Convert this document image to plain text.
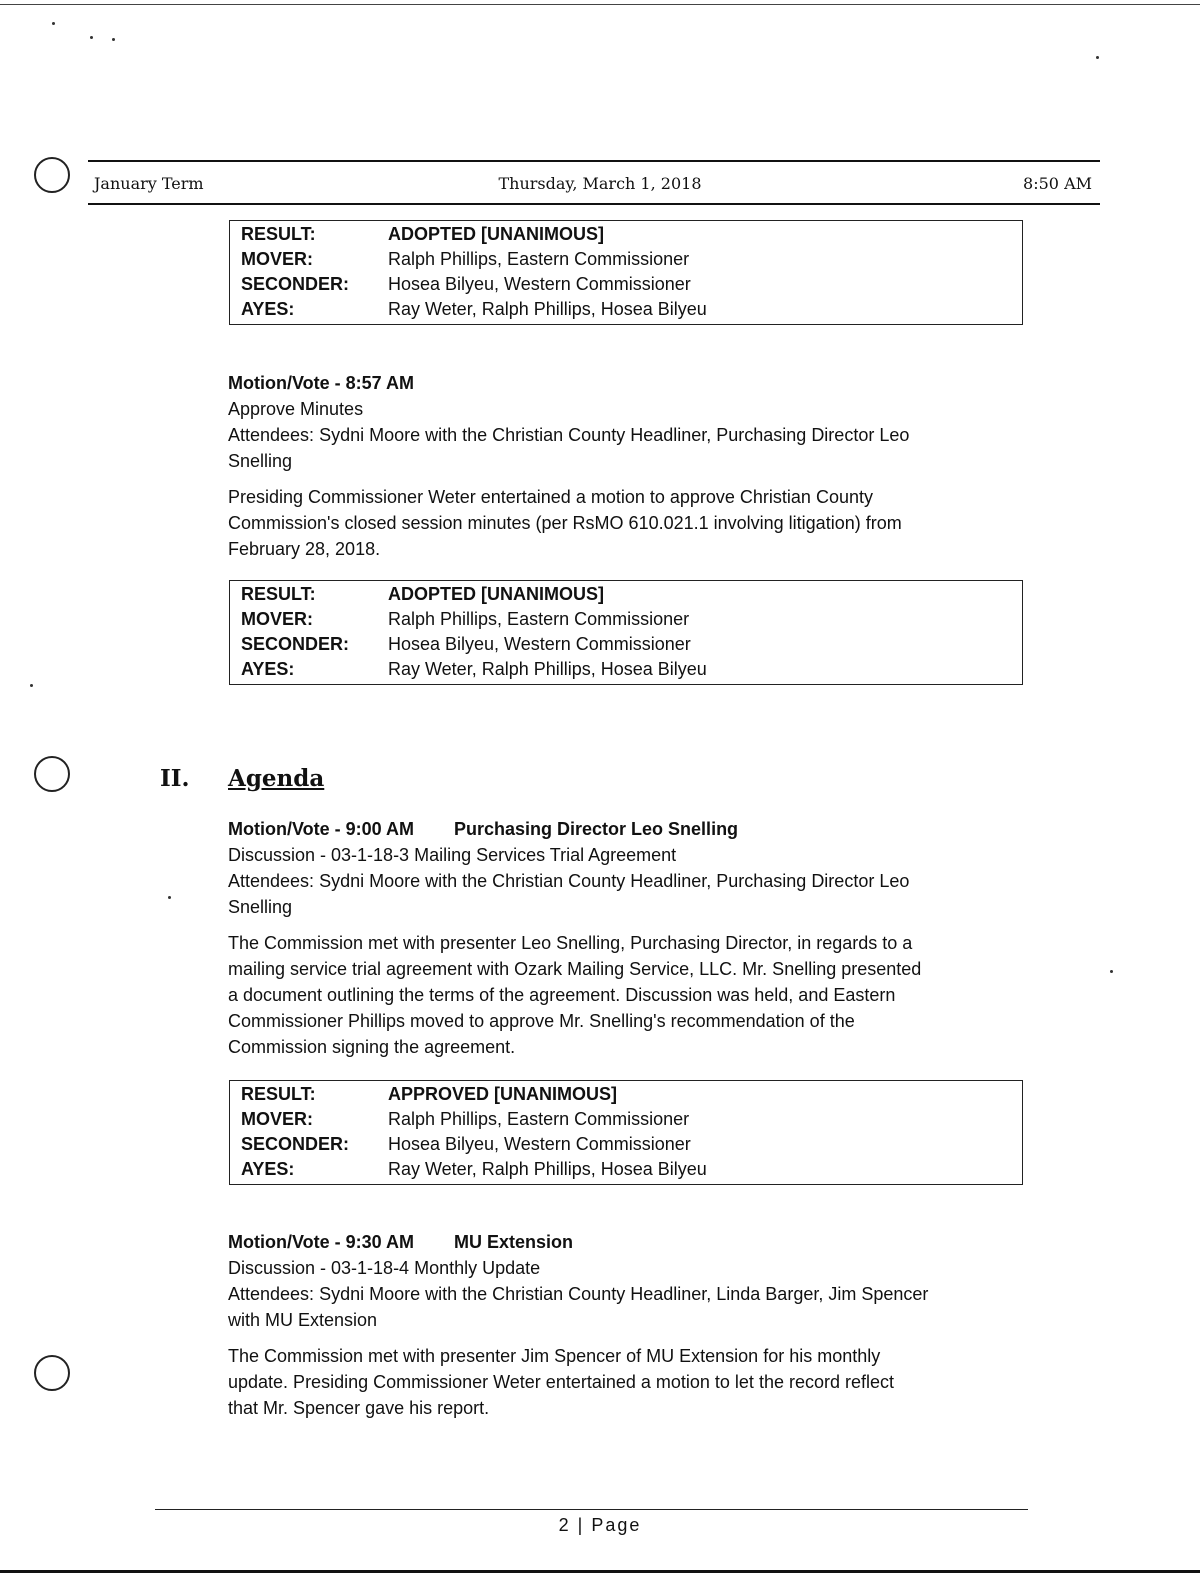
January Term	Thursday, March 1, 2018	8:50 AM
RESULT:	ADOPTED [UNANIMOUS]
MOVER:	Ralph Phillips, Eastern Commissioner
SECONDER:	Hosea Bilyeu, Western Commissioner
AYES:	Ray Weter, Ralph Phillips, Hosea Bilyeu
Motion/Vote - 8:57 AM
Approve Minutes
Attendees: Sydni Moore with the Christian County Headliner, Purchasing Director Leo
Snelling
Presiding Commissioner Weter entertained a motion to approve Christian County
Commission's closed session minutes (per RsMO 610.021.1 involving litigation) from
February 28, 2018.
RESULT:	ADOPTED [UNANIMOUS]
MOVER:	Ralph Phillips, Eastern Commissioner
SECONDER:	Hosea Bilyeu, Western Commissioner
AYES:	Ray Weter, Ralph Phillips, Hosea Bilyeu
II. Agenda
Motion/Vote - 9:00 AM Purchasing Director Leo Snelling
Discussion - 03-1-18-3 Mailing Services Trial Agreement
Attendees: Sydni Moore with the Christian County Headliner, Purchasing Director Leo
Snelling
The Commission met with presenter Leo Snelling, Purchasing Director, in regards to a
mailing service trial agreement with Ozark Mailing Service, LLC. Mr. Snelling presented
a document outlining the terms of the agreement. Discussion was held, and Eastern
Commissioner Phillips moved to approve Mr. Snelling's recommendation of the
Commission signing the agreement.
RESULT:	APPROVED [UNANIMOUS]
MOVER:	Ralph Phillips, Eastern Commissioner
SECONDER:	Hosea Bilyeu, Western Commissioner
AYES:	Ray Weter, Ralph Phillips, Hosea Bilyeu
Motion/Vote - 9:30 AM MU Extension
Discussion - 03-1-18-4 Monthly Update
Attendees: Sydni Moore with the Christian County Headliner, Linda Barger, Jim Spencer
with MU Extension
The Commission met with presenter Jim Spencer of MU Extension for his monthly
update. Presiding Commissioner Weter entertained a motion to let the record reflect
that Mr. Spencer gave his report.
2 | Page
